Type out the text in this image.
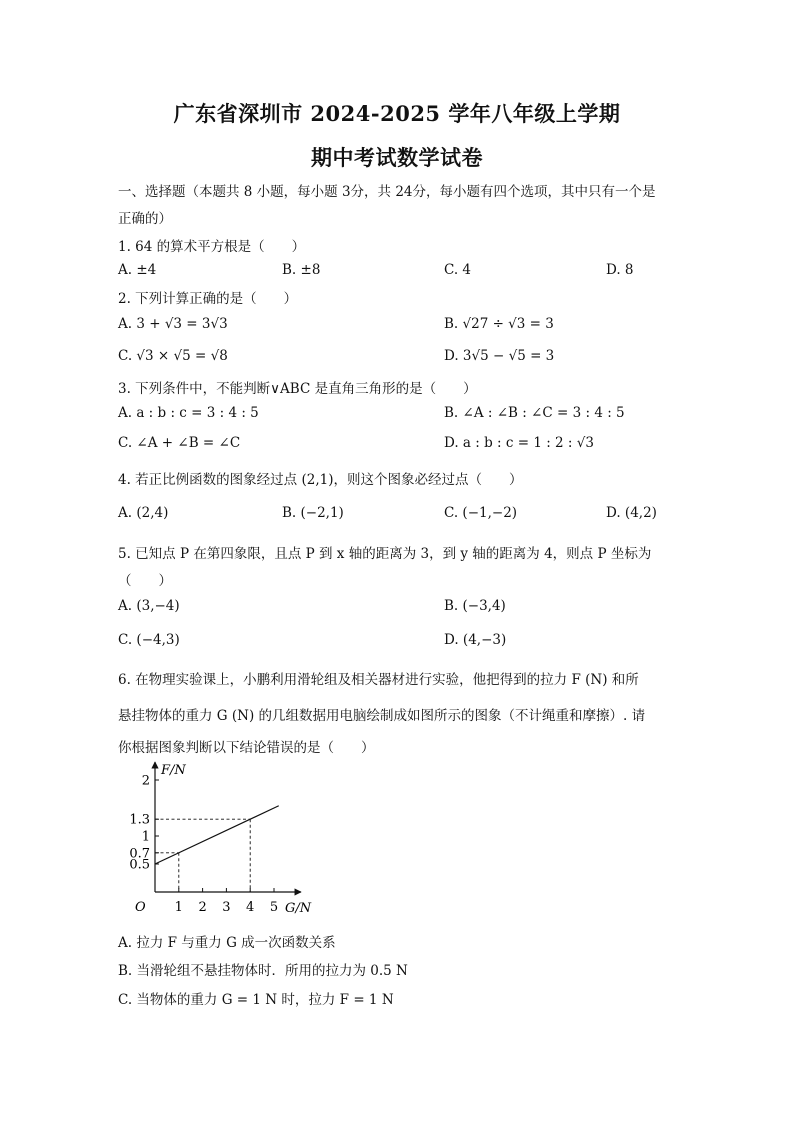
广东省深圳市 2024-2025 学年八年级上学期
期中考试数学试卷
一、选择题（本题共 8 小题，每小题 3分，共 24分，每小题有四个选项，其中只有一个是
正确的）
1. 64 的算术平方根是（　　）
A. ±4	B. ±8	C. 4	D. 8
2. 下列计算正确的是（　　）
A. 3 + √3 = 3√3	B. √27 ÷ √3 = 3
C. √3 × √5 = √8	D. 3√5 − √5 = 3
3. 下列条件中，不能判断∨ABC 是直角三角形的是（　　）
A. a : b : c = 3 : 4 : 5	B. ∠A : ∠B : ∠C = 3 : 4 : 5
C. ∠A + ∠B = ∠C	D. a : b : c = 1 : 2 : √3
4. 若正比例函数的图象经过点 (2,1)，则这个图象必经过点（　　）
A. (2,4)	B. (−2,1)	C. (−1,−2)	D. (4,2)
5. 已知点 P 在第四象限，且点 P 到 x 轴的距离为 3，到 y 轴的距离为 4，则点 P 坐标为
（　　）
A. (3,−4)	B. (−3,4)
C. (−4,3)	D. (4,−3)
6. 在物理实验课上，小鹏利用滑轮组及相关器材进行实验，他把得到的拉力 F (N) 和所
悬挂物体的重力 G (N) 的几组数据用电脑绘制成如图所示的图象（不计绳重和摩擦）. 请
你根据图象判断以下结论错误的是（　　）
G/N
F/N
O 1 2 3 4 5
0.5
0.7
1
1.3
2
A. 拉力 F 与重力 G 成一次函数关系
B. 当滑轮组不悬挂物体时．所用的拉力为 0.5 N
C. 当物体的重力 G = 1 N 时，拉力 F = 1 N
